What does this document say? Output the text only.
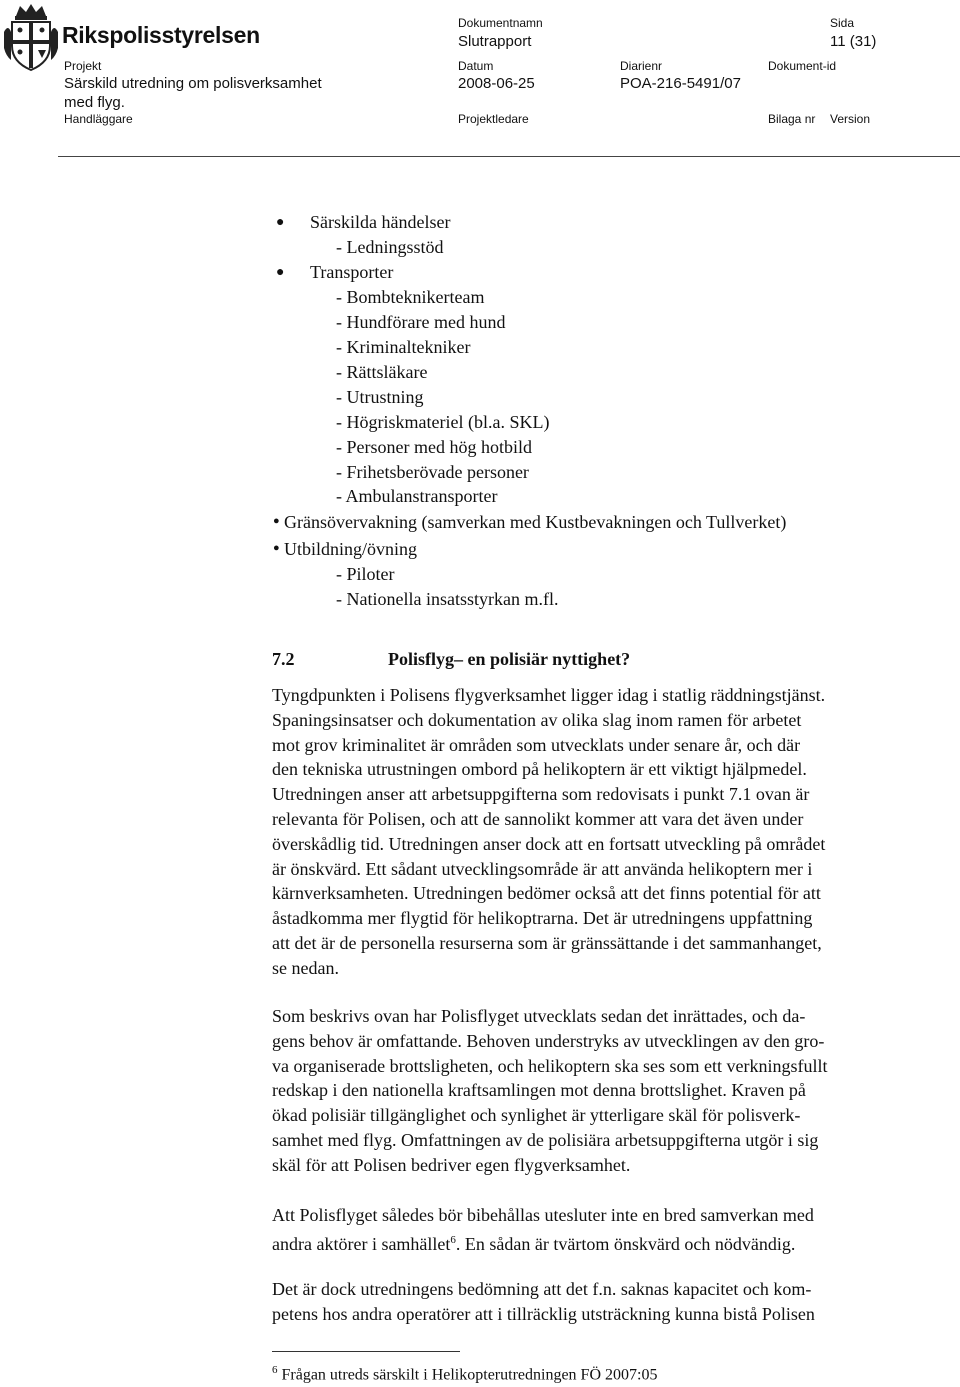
Rikspolisstyrelsen	Dokumentnamn	Sida
Slutrapport	11 (31)
Projekt	Datum	Diarienr	Dokument-id
Särskild utredning om polisverksamhet	2008-06-25	POA-216-5491/07
med flyg.
Handläggare	Projektledare	Bilaga nr Version
● Särskilda händelser
- Ledningsstöd
● Transporter
- Bombteknikerteam
- Hundförare med hund
- Kriminaltekniker
- Rättsläkare
- Utrustning
- Högriskmateriel (bl.a. SKL)
- Personer med hög hotbild
- Frihetsberövade personer
- Ambulanstransporter
● Gränsövervakning (samverkan med Kustbevakningen och Tullverket)
● Utbildning/övning
- Piloter
- Nationella insatsstyrkan m.fl.
7.2	Polisflyg– en polisiär nyttighet?
Tyngdpunkten i Polisens flygverksamhet ligger idag i statlig räddningstjänst.
Spaningsinsatser och dokumentation av olika slag inom ramen för arbetet
mot grov kriminalitet är områden som utvecklats under senare år, och där
den tekniska utrustningen ombord på helikoptern är ett viktigt hjälpmedel.
Utredningen anser att arbetsuppgifterna som redovisats i punkt 7.1 ovan är
relevanta för Polisen, och att de sannolikt kommer att vara det även under
överskådlig tid. Utredningen anser dock att en fortsatt utveckling på området
är önskvärd. Ett sådant utvecklingsområde är att använda helikoptern mer i
kärnverksamheten. Utredningen bedömer också att det finns potential för att
åstadkomma mer flygtid för helikoptrarna. Det är utredningens uppfattning
att det är de personella resurserna som är gränssättande i det sammanhanget,
se nedan.
Som beskrivs ovan har Polisflyget utvecklats sedan det inrättades, och da-
gens behov är omfattande. Behoven understryks av utvecklingen av den gro-
va organiserade brottsligheten, och helikoptern ska ses som ett verkningsfullt
redskap i den nationella kraftsamlingen mot denna brottslighet. Kraven på
ökad polisiär tillgänglighet och synlighet är ytterligare skäl för polisverk-
samhet med flyg. Omfattningen av de polisiära arbetsuppgifterna utgör i sig
skäl för att Polisen bedriver egen flygverksamhet.
Att Polisflyget således bör bibehållas utesluter inte en bred samverkan med
andra aktörer i samhället$^6$. En sådan är tvärtom önskvärd och nödvändig.
Det är dock utredningens bedömning att det f.n. saknas kapacitet och kom-
petens hos andra operatörer att i tillräcklig utsträckning kunna bistå Polisen
$^6$ Frågan utreds särskilt i Helikopterutredningen FÖ 2007:05
